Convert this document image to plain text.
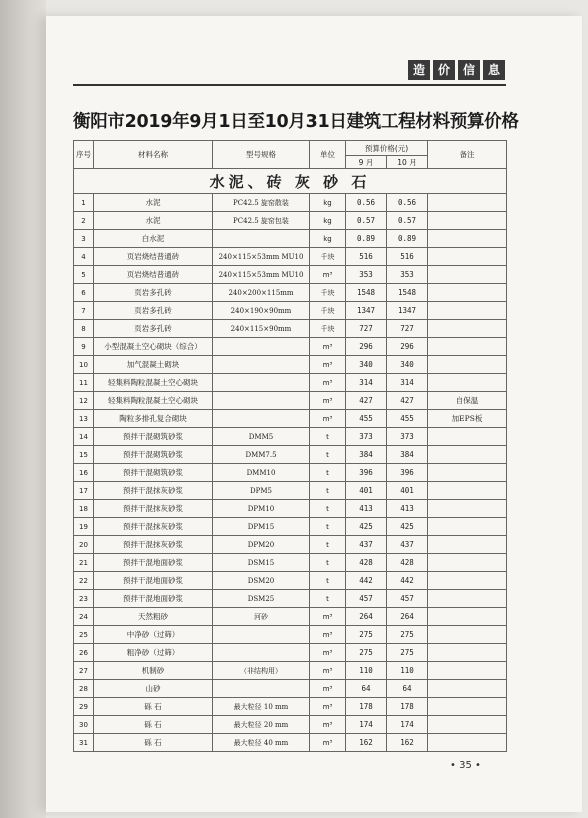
造	价	信	息
衡阳市2019年9月1日至10月31日建筑工程材料预算价格
序号	材料名称	型号规格	单位	预算价格(元)		备注
				9 月	10 月	
水泥、砖 灰 砂 石						
1	水泥	PC42.5 旋窑散装	kg	0.56	0.56	
2	水泥	PC42.5 旋窑包装	kg	0.57	0.57	
3	白水泥		kg	0.89	0.89	
4	页岩烧结普通砖	240×115×53mm MU10	千块	516	516	
5	页岩烧结普通砖	240×115×53mm MU10	m³	353	353	
6	页岩多孔砖	240×200×115mm	千块	1548	1548	
7	页岩多孔砖	240×190×90mm	千块	1347	1347	
8	页岩多孔砖	240×115×90mm	千块	727	727	
9	小型混凝土空心砌块（综合）		m³	296	296	
10	加气混凝土砌块		m³	340	340	
11	轻集料陶粒混凝土空心砌块		m³	314	314	
12	轻集料陶粒混凝土空心砌块		m³	427	427	自保温
13	陶粒多排孔复合砌块		m³	455	455	加EPS板
14	预拌干混砌筑砂浆	DMM5	t	373	373	
15	预拌干混砌筑砂浆	DMM7.5	t	384	384	
16	预拌干混砌筑砂浆	DMM10	t	396	396	
17	预拌干混抹灰砂浆	DPM5	t	401	401	
18	预拌干混抹灰砂浆	DPM10	t	413	413	
19	预拌干混抹灰砂浆	DPM15	t	425	425	
20	预拌干混抹灰砂浆	DPM20	t	437	437	
21	预拌干混地面砂浆	DSM15	t	428	428	
22	预拌干混地面砂浆	DSM20	t	442	442	
23	预拌干混地面砂浆	DSM25	t	457	457	
24	天然粗砂	河砂	m³	264	264	
25	中净砂（过筛）		m³	275	275	
26	粗净砂（过筛）		m³	275	275	
27	机制砂	（非结构用）	m³	110	110	
28	山砂		m³	64	64	
29	砾 石	最大粒径 10 mm	m³	178	178	
30	砾 石	最大粒径 20 mm	m³	174	174	
31	砾 石	最大粒径 40 mm	m³	162	162	
• 35 •
